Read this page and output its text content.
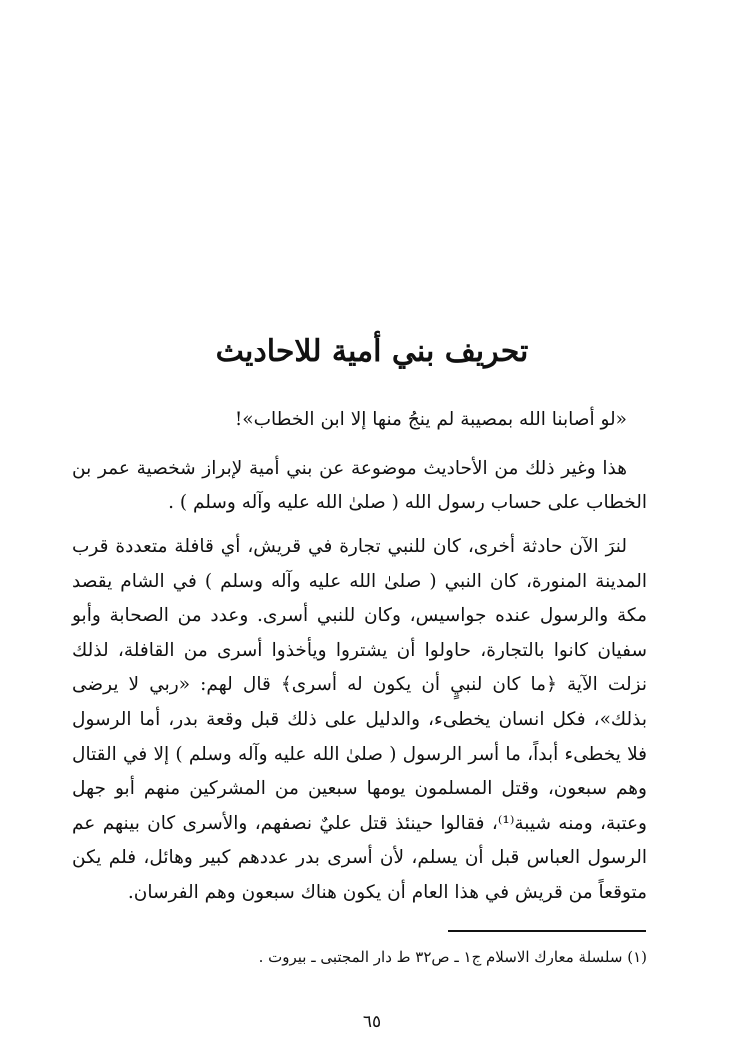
تحريف بني أمية للاحاديث

«لو أصابنا الله بمصيبة لم ينجُ منها إلا ابن الخطاب»!

هذا وغير ذلك من الأحاديث موضوعة عن بني أمية لإبراز شخصية عمر بن الخطاب على حساب رسول الله ( صلىٰ الله عليه وآله وسلم ) .

لنرَ الآن حادثة أخرى، كان للنبي تجارة في قريش، أي قافلة متعددة قرب المدينة المنورة، كان النبي ( صلىٰ الله عليه وآله وسلم ) في الشام يقصد مكة والرسول عنده جواسيس، وكان للنبي أسرى. وعدد من الصحابة وأبو سفيان كانوا بالتجارة، حاولوا أن يشتروا ويأخذوا أسرى من القافلة، لذلك نزلت الآية ﴿ما كان لنبيٍ أن يكون له أسرى﴾ قال لهم: «ربي لا يرضى بذلك»، فكل انسان يخطىء، والدليل على ذلك قبل وقعة بدر، أما الرسول فلا يخطىء أبداً، ما أسر الرسول ( صلىٰ الله عليه وآله وسلم ) إلا في القتال وهم سبعون، وقتل المسلمون يومها سبعين من المشركين منهم أبو جهل وعتبة، ومنه شيبة⁽¹⁾، فقالوا حينئذ قتل عليٌ نصفهم، والأسرى كان بينهم عم الرسول العباس قبل أن يسلم، لأن أسرى بدر عددهم كبير وهائل، فلم يكن متوقعاً من قريش في هذا العام أن يكون هناك سبعون وهم الفرسان.

(١) سلسلة معارك الاسلام ج١ ـ ص٣٢ ط دار المجتبى ـ بيروت .
٦٥
